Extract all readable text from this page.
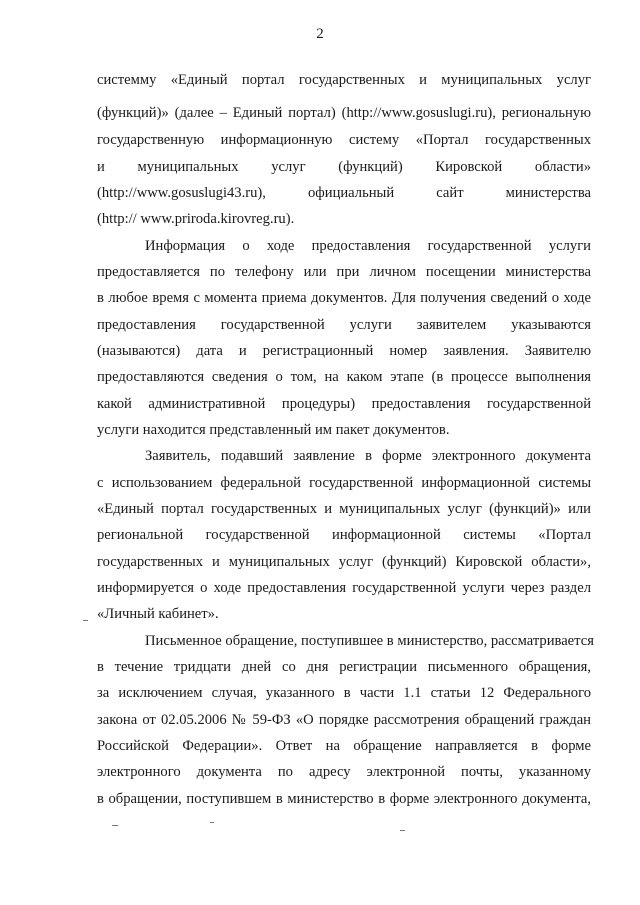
2
системму «Единый портал государственных и муниципальных услуг
(функций)» (далее – Единый портал) (http://www.gosuslugi.ru), региональную
государственную информационную систему «Портал государственных
и муниципальных услуг (функций) Кировской области»
(http://www.gosuslugi43.ru), официальный сайт министерства
(http:// www.priroda.kirovreg.ru).
Информация о ходе предоставления государственной услуги
предоставляется по телефону или при личном посещении министерства
в любое время с момента приема документов. Для получения сведений о ходе
предоставления государственной услуги заявителем указываются
(называются) дата и регистрационный номер заявления. Заявителю
предоставляются сведения о том, на каком этапе (в процессе выполнения
какой административной процедуры) предоставления государственной
услуги находится представленный им пакет документов.
Заявитель, подавший заявление в форме электронного документа
с использованием федеральной государственной информационной системы
«Единый портал государственных и муниципальных услуг (функций)» или
региональной государственной информационной системы «Портал
государственных и муниципальных услуг (функций) Кировской области»,
информируется о ходе предоставления государственной услуги через раздел
«Личный кабинет».
Письменное обращение, поступившее в министерство, рассматривается
в течение тридцати дней со дня регистрации письменного обращения,
за исключением случая, указанного в части 1.1 статьи 12 Федерального
закона от 02.05.2006 № 59-ФЗ «О порядке рассмотрения обращений граждан
Российской Федерации». Ответ на обращение направляется в форме
электронного документа по адресу электронной почты, указанному
в обращении, поступившем в министерство в форме электронного документа,
